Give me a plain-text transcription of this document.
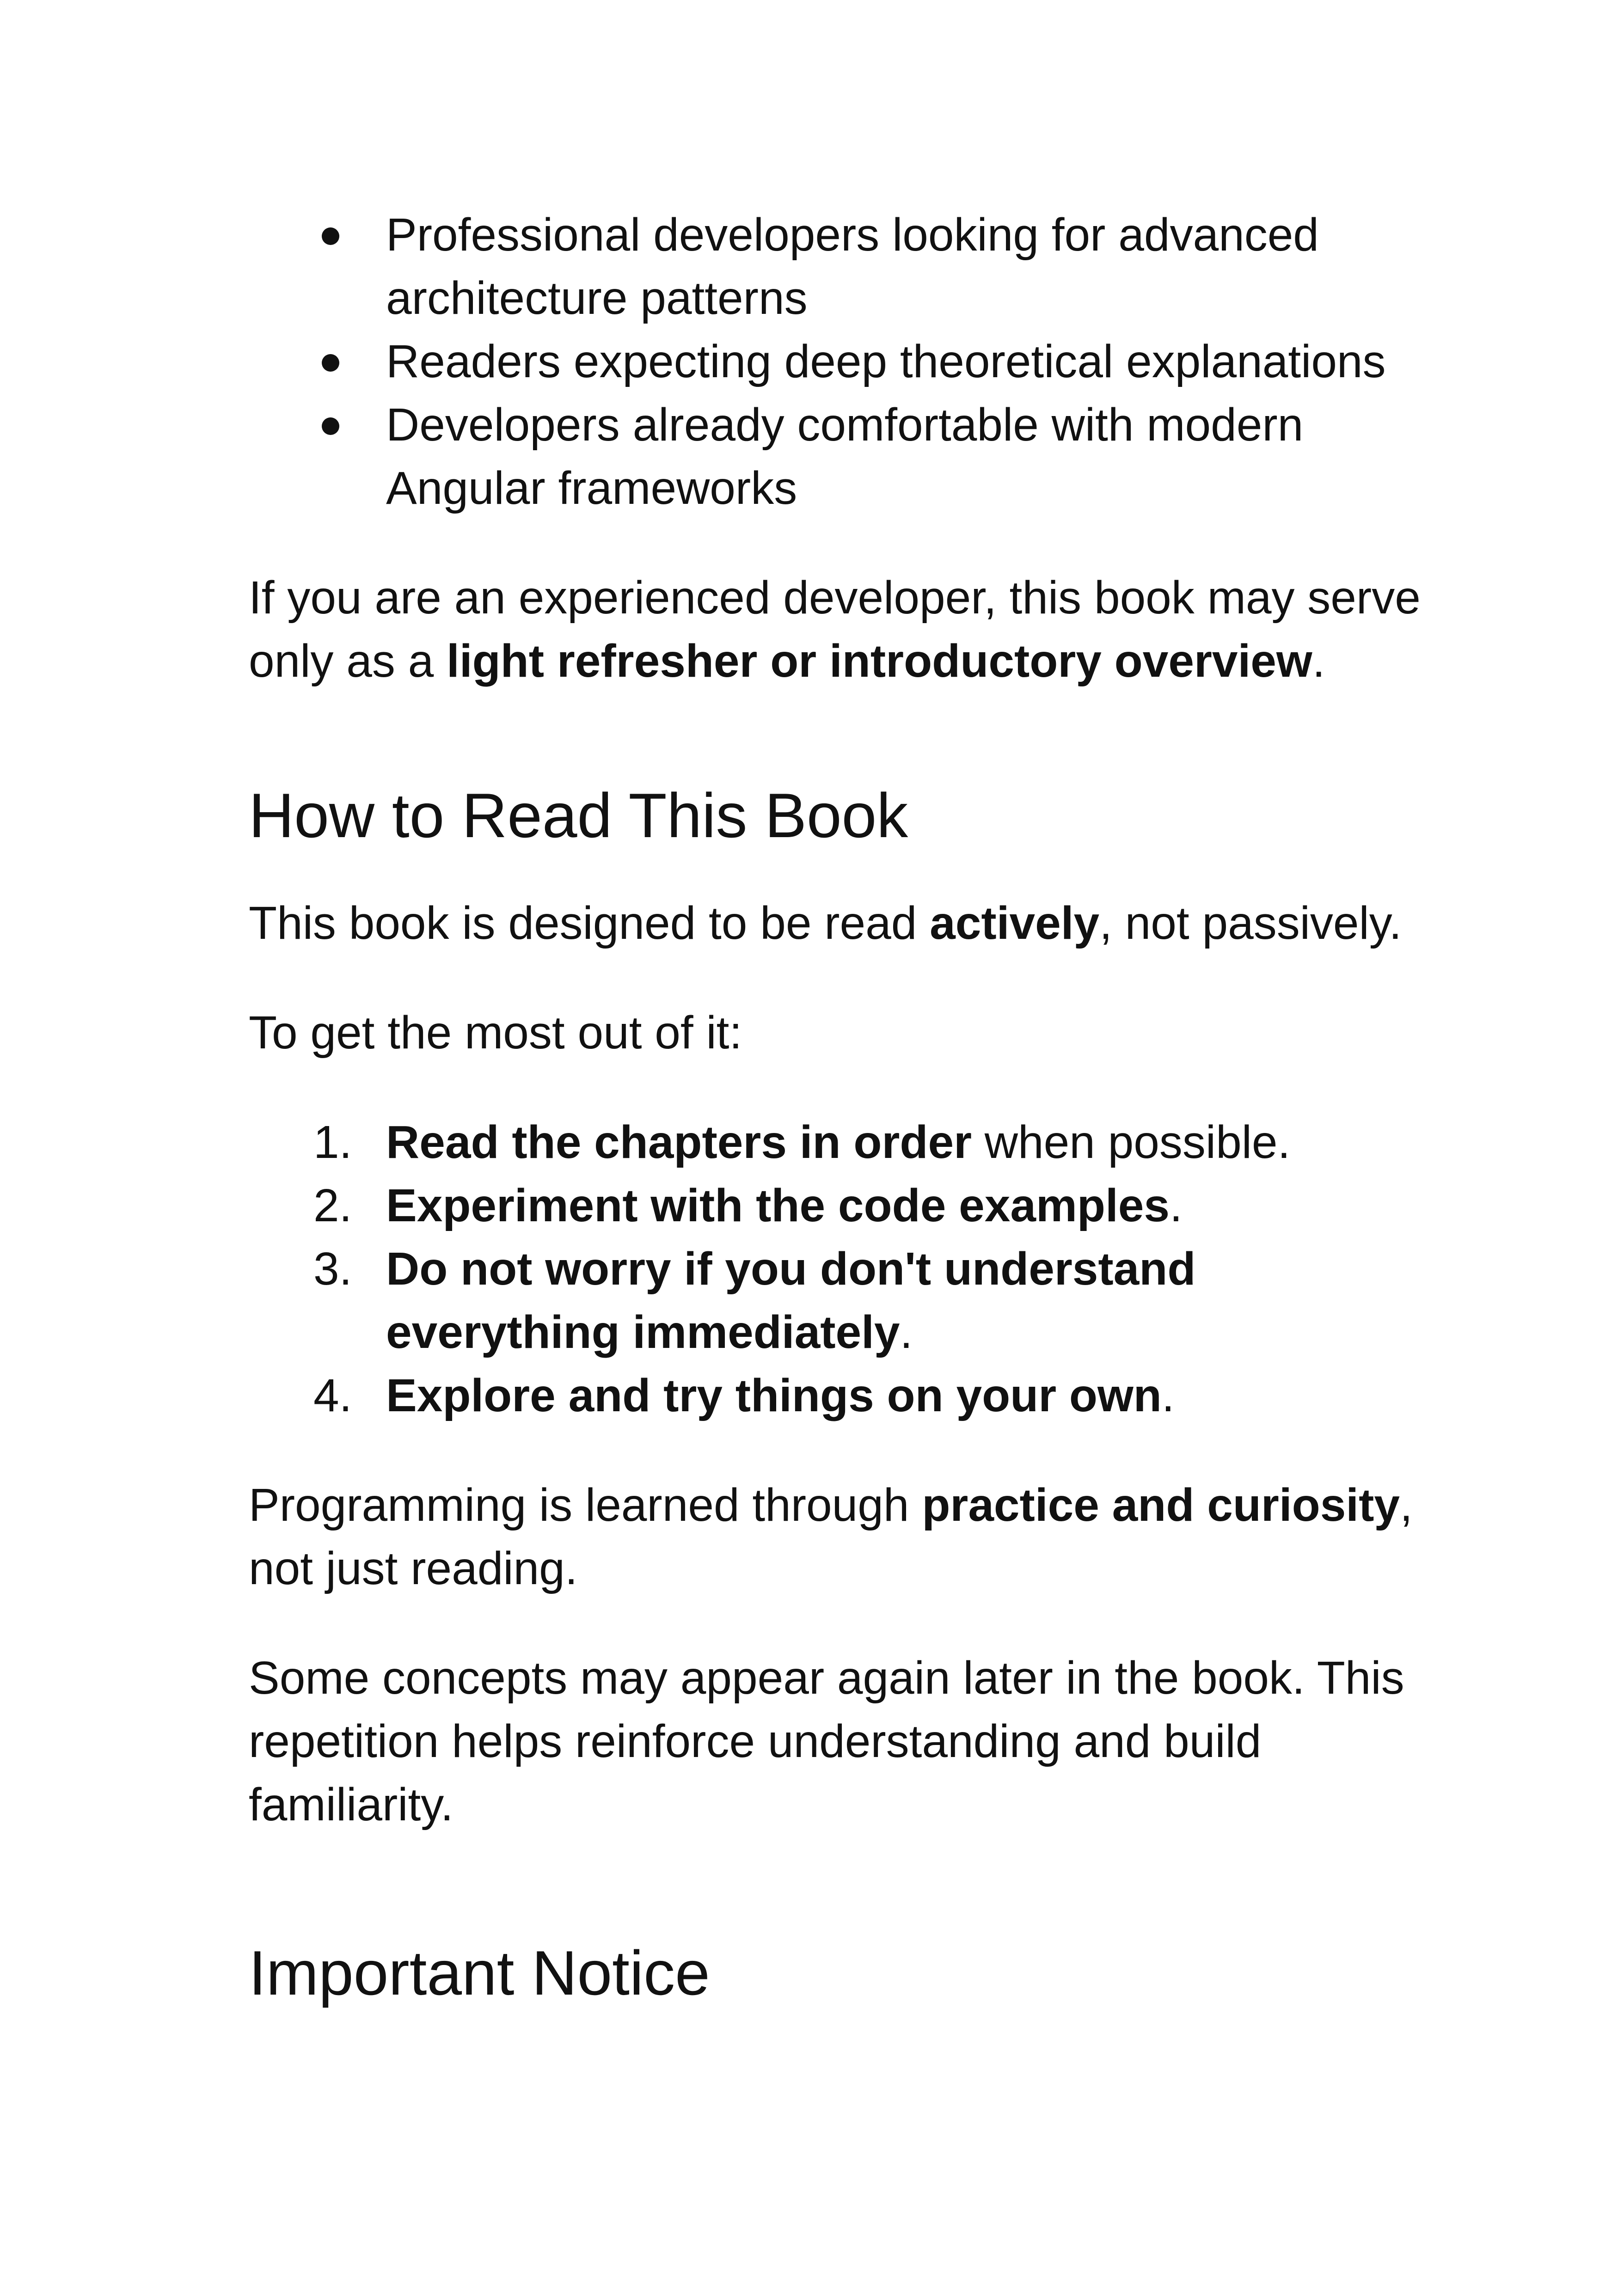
Professional developers looking for advanced architecture patterns
Readers expecting deep theoretical explanations
Developers already comfortable with modern Angular frameworks

If you are an experienced developer, this book may serve only as a light refresher or introductory overview.

How to Read This Book

This book is designed to be read actively, not passively.

To get the most out of it:

1. Read the chapters in order when possible.
2. Experiment with the code examples.
3. Do not worry if you don't understand everything immediately.
4. Explore and try things on your own.

Programming is learned through practice and curiosity, not just reading.

Some concepts may appear again later in the book. This repetition helps reinforce understanding and build familiarity.

Important Notice
